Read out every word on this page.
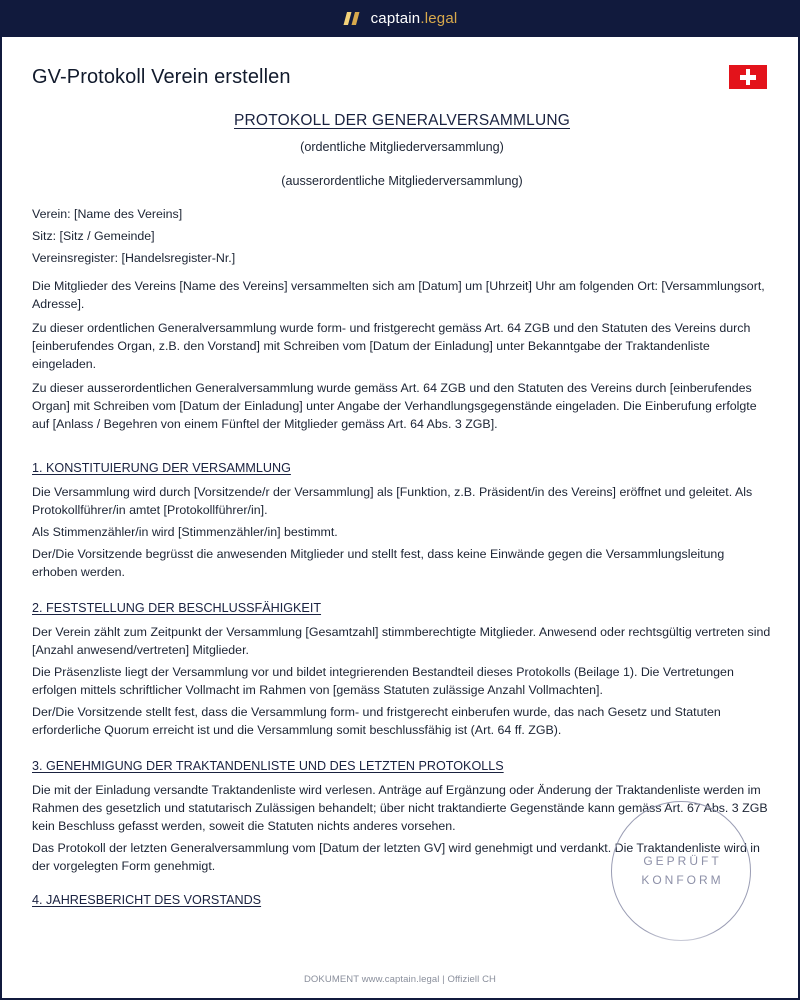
captain.legal
GV-Protokoll Verein erstellen
PROTOKOLL DER GENERALVERSAMMLUNG
(ordentliche Mitgliederversammlung)
(ausserordentliche Mitgliederversammlung)

Verein: [Name des Vereins]

Sitz: [Sitz / Gemeinde]

Vereinsregister: [Handelsregister-Nr.]

Die Mitglieder des Vereins [Name des Vereins] versammelten sich am [Datum] um [Uhrzeit] Uhr am folgenden Ort: [Versammlungsort, Adresse].

Zu dieser ordentlichen Generalversammlung wurde form- und fristgerecht gemäss Art. 64 ZGB und den Statuten des Vereins durch [einberufendes Organ, z.B. den Vorstand] mit Schreiben vom [Datum der Einladung] unter Bekanntgabe der Traktandenliste eingeladen.

Zu dieser ausserordentlichen Generalversammlung wurde gemäss Art. 64 ZGB und den Statuten des Vereins durch [einberufendes Organ] mit Schreiben vom [Datum der Einladung] unter Angabe der Verhandlungsgegenstände eingeladen. Die Einberufung erfolgte auf [Anlass / Begehren von einem Fünftel der Mitglieder gemäss Art. 64 Abs. 3 ZGB].

1. KONSTITUIERUNG DER VERSAMMLUNG

Die Versammlung wird durch [Vorsitzende/r der Versammlung] als [Funktion, z.B. Präsident/in des Vereins] eröffnet und geleitet. Als Protokollführer/in amtet [Protokollführer/in].

Als Stimmenzähler/in wird [Stimmenzähler/in] bestimmt.

Der/Die Vorsitzende begrüsst die anwesenden Mitglieder und stellt fest, dass keine Einwände gegen die Versammlungsleitung erhoben werden.

2. FESTSTELLUNG DER BESCHLUSSFÄHIGKEIT

Der Verein zählt zum Zeitpunkt der Versammlung [Gesamtzahl] stimmberechtigte Mitglieder. Anwesend oder rechtsgültig vertreten sind [Anzahl anwesend/vertreten] Mitglieder.

Die Präsenzliste liegt der Versammlung vor und bildet integrierenden Bestandteil dieses Protokolls (Beilage 1). Die Vertretungen erfolgen mittels schriftlicher Vollmacht im Rahmen von [gemäss Statuten zulässige Anzahl Vollmachten].

Der/Die Vorsitzende stellt fest, dass die Versammlung form- und fristgerecht einberufen wurde, das nach Gesetz und Statuten erforderliche Quorum erreicht ist und die Versammlung somit beschlussfähig ist (Art. 64 ff. ZGB).

3. GENEHMIGUNG DER TRAKTANDENLISTE UND DES LETZTEN PROTOKOLLS

Die mit der Einladung versandte Traktandenliste wird verlesen. Anträge auf Ergänzung oder Änderung der Traktandenliste werden im Rahmen des gesetzlich und statutarisch Zulässigen behandelt; über nicht traktandierte Gegenstände kann gemäss Art. 67 Abs. 3 ZGB kein Beschluss gefasst werden, soweit die Statuten nichts anderes vorsehen.

Das Protokoll der letzten Generalversammlung vom [Datum der letzten GV] wird genehmigt und verdankt. Die Traktandenliste wird in der vorgelegten Form genehmigt.

4. JAHRESBERICHT DES VORSTANDS
GEPRÜFT
KONFORM
DOKUMENT www.captain.legal | Offiziell CH
